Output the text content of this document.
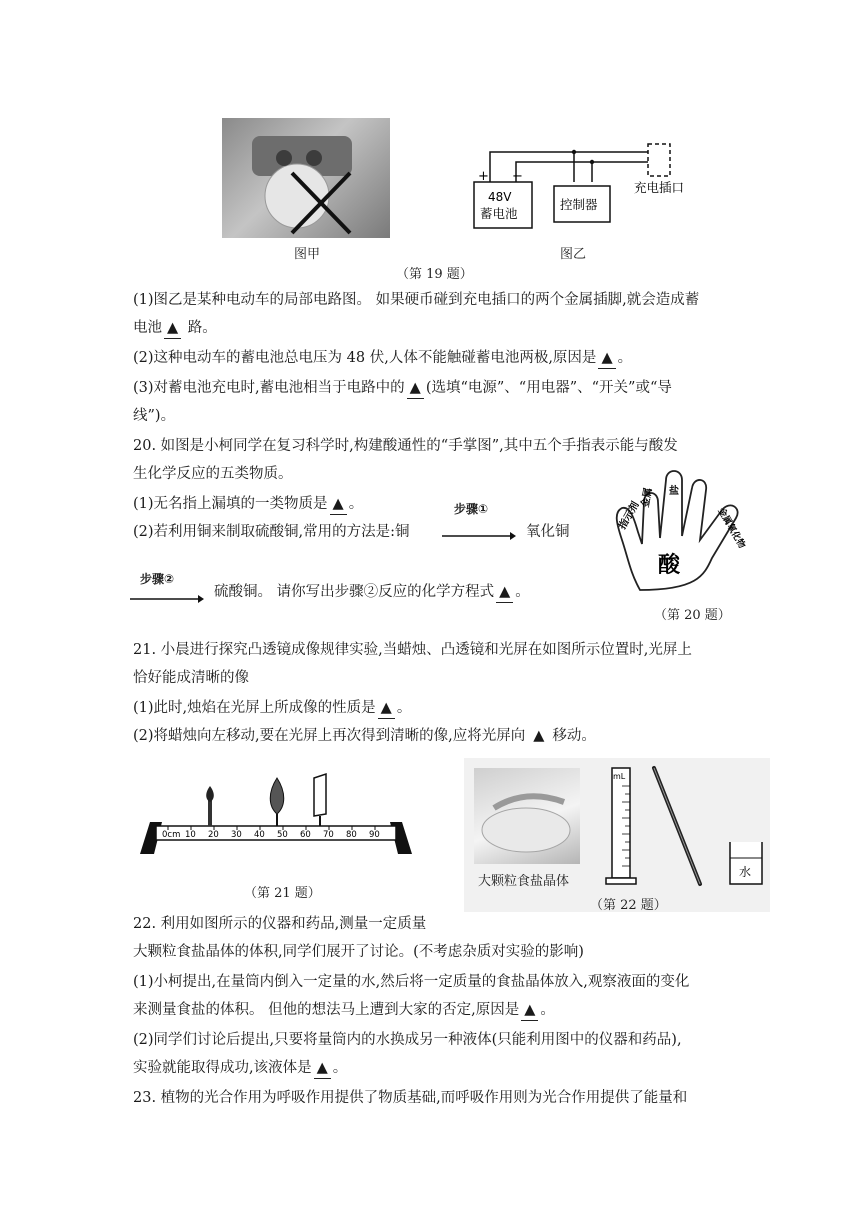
图甲
+ −
48V
蓄电池
控制器
充电插口
图乙
（第 19 题）
(1)图乙是某种电动车的局部电路图。 如果硬币碰到充电插口的两个金属插脚,就会造成蓄
电池 ▲ 路。
(2)这种电动车的蓄电池总电压为 48 伏,人体不能触碰蓄电池两极,原因是 ▲ 。
(3)对蓄电池充电时,蓄电池相当于电路中的 ▲ (选填“电源”、“用电器”、“开关”或“导
线”)。
20. 如图是小柯同学在复习科学时,构建酸通性的“手掌图”,其中五个手指表示能与酸发
生化学反应的五类物质。
(1)无名指上漏填的一类物质是 ▲ 。	步骤①
(2)若利用铜来制取硫酸铜,常用的方法是:铜	氧化铜
步骤②
硫酸铜。 请你写出步骤②反应的化学方程式 ▲ 。
酸
指示剂
金属 盐
金属氧化物
（第 20 题）
21. 小晨进行探究凸透镜成像规律实验,当蜡烛、凸透镜和光屏在如图所示位置时,光屏上
恰好能成清晰的像
(1)此时,烛焰在光屏上所成像的性质是 ▲ 。
(2)将蜡烛向左移动,要在光屏上再次得到清晰的像,应将光屏向 ▲ 移动。
0cm 10 20 30 40 50 60 70 80 90
（第 21 题）
大颗粒食盐晶体
mL
水
（第 22 题）
22. 利用如图所示的仪器和药品,测量一定质量
大颗粒食盐晶体的体积,同学们展开了讨论。(不考虑杂质对实验的影响)
(1)小柯提出,在量筒内倒入一定量的水,然后将一定质量的食盐晶体放入,观察液面的变化
来测量食盐的体积。 但他的想法马上遭到大家的否定,原因是 ▲ 。
(2)同学们讨论后提出,只要将量筒内的水换成另一种液体(只能利用图中的仪器和药品),
实验就能取得成功,该液体是 ▲ 。
23. 植物的光合作用为呼吸作用提供了物质基础,而呼吸作用则为光合作用提供了能量和
